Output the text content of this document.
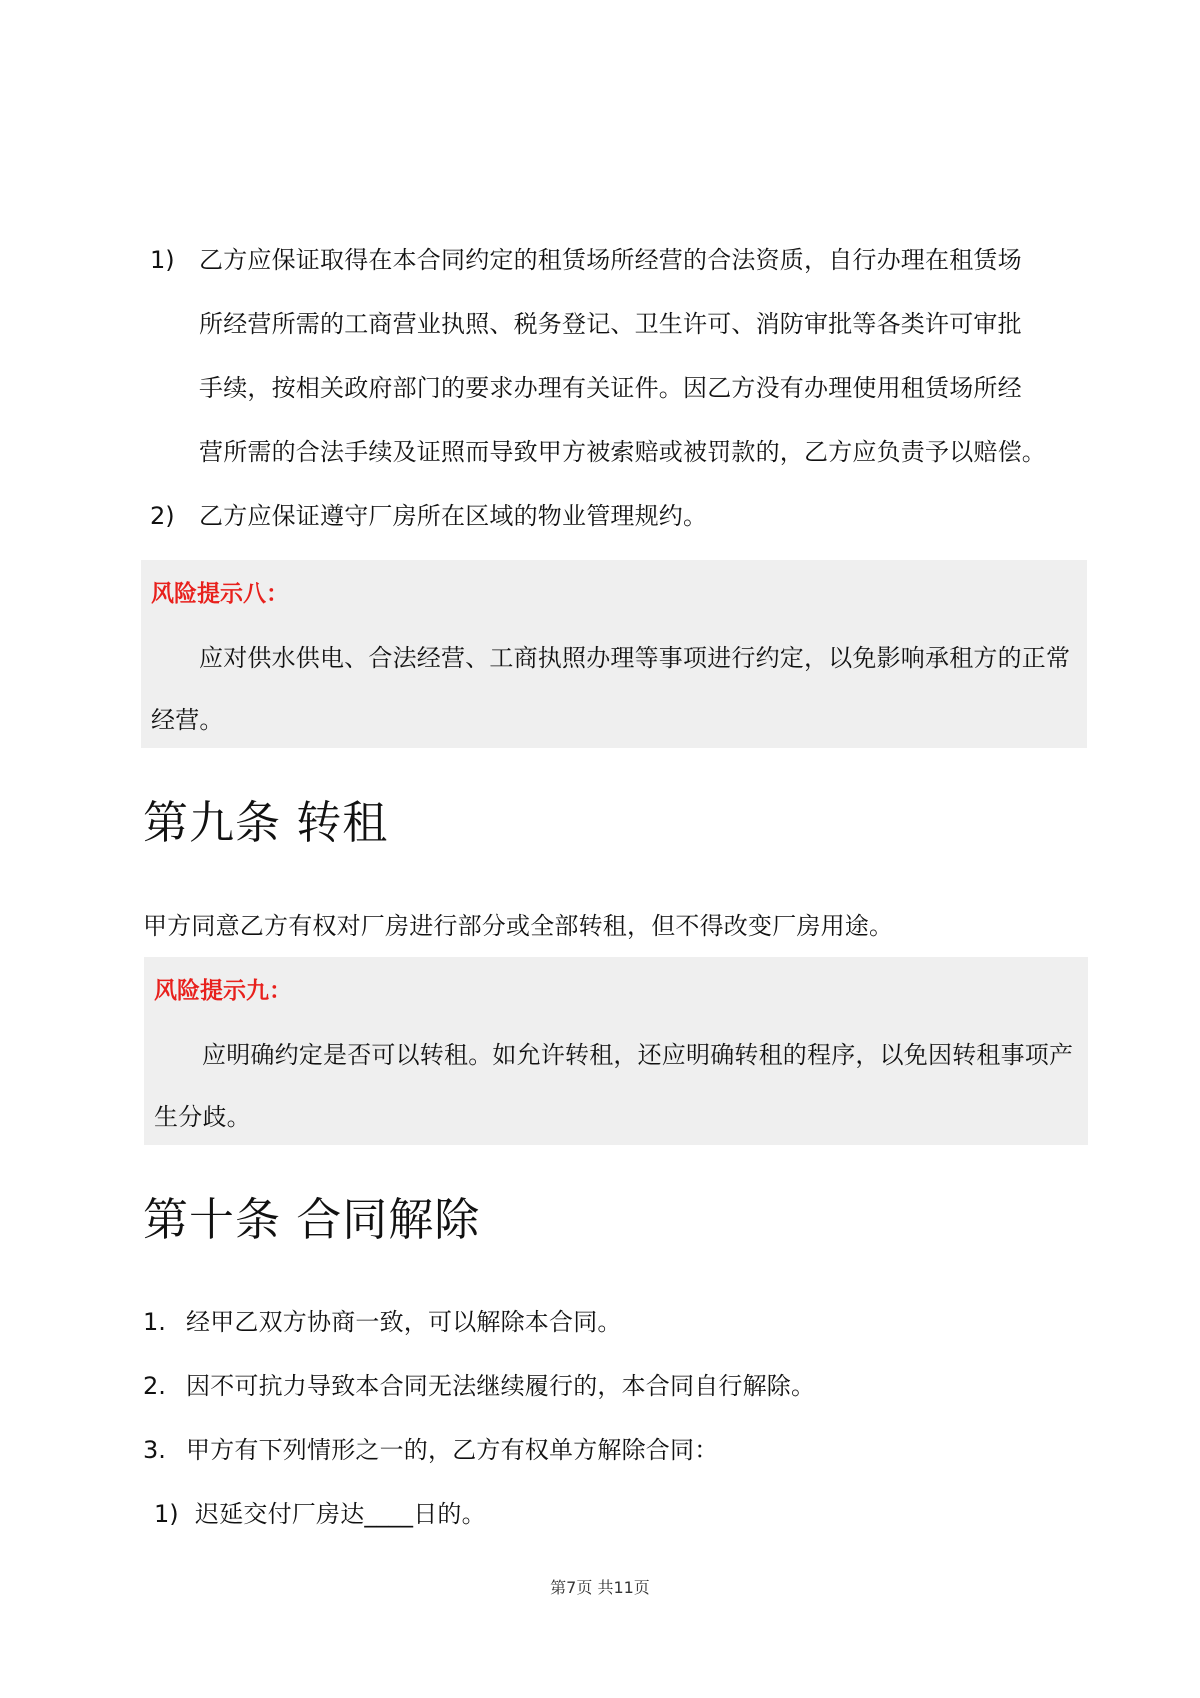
1) 乙方应保证取得在本合同约定的租赁场所经营的合法资质，自行办理在租赁场
所经营所需的工商营业执照、税务登记、卫生许可、消防审批等各类许可审批
手续，按相关政府部门的要求办理有关证件。因乙方没有办理使用租赁场所经
营所需的合法手续及证照而导致甲方被索赔或被罚款的，乙方应负责予以赔偿。
2) 乙方应保证遵守厂房所在区域的物业管理规约。
风险提示八：
应对供水供电、合法经营、工商执照办理等事项进行约定，以免影响承租方的正常
经营。
第九条 转租
甲方同意乙方有权对厂房进行部分或全部转租，但不得改变厂房用途。
风险提示九：
应明确约定是否可以转租。如允许转租，还应明确转租的程序，以免因转租事项产
生分歧。
第十条 合同解除
1. 经甲乙双方协商一致，可以解除本合同。
2. 因不可抗力导致本合同无法继续履行的，本合同自行解除。
3. 甲方有下列情形之一的，乙方有权单方解除合同：
1) 迟延交付厂房达____日的。
第7页 共11页
